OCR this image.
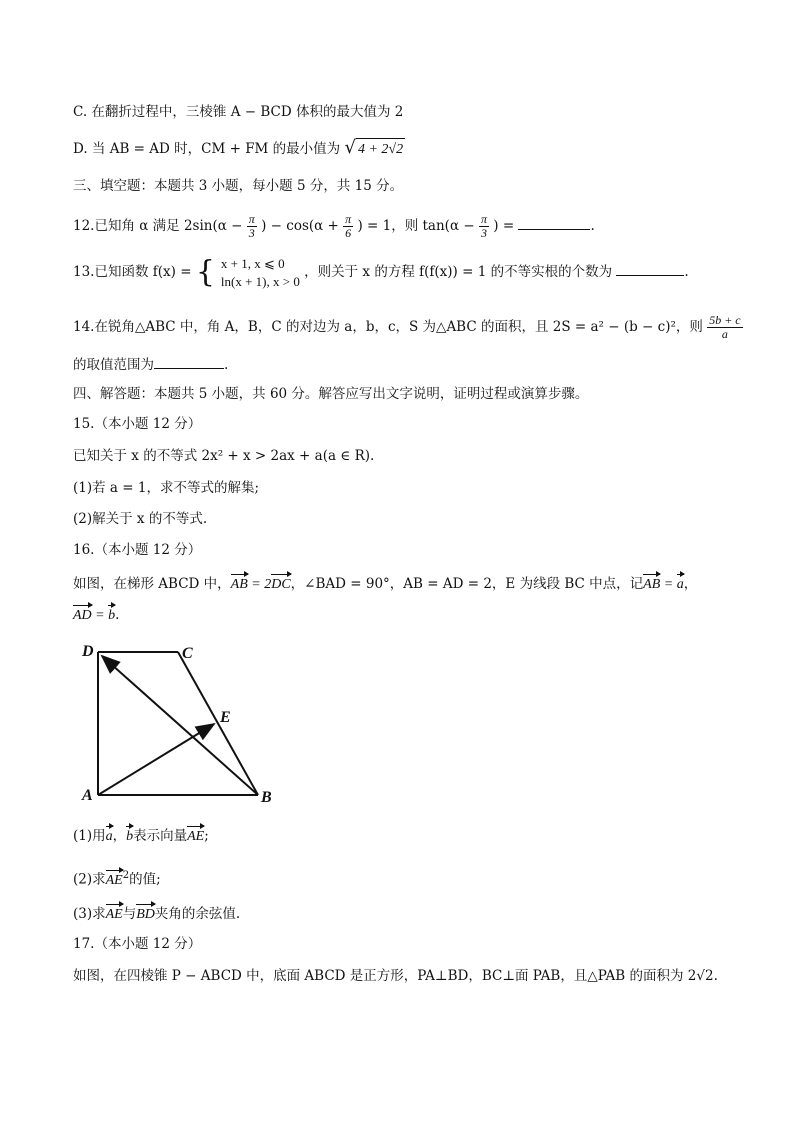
C. 在翻折过程中，三棱锥 A − BCD 体积的最大值为 2
D. 当 AB = AD 时，CM + FM 的最小值为 √ 4 + 2√2
三、填空题：本题共 3 小题，每小题 5 分，共 15 分。
12.已知角 α 满足 $2\sin(\alpha - \frac{\pi}{3}$ ) − $\cos(\alpha + \frac{\pi}{6}$ ) = 1，则 $\tan(\alpha - \frac{\pi}{3}$ ) =	.
13.已知函数 f(x) = { x + 1, x ⩽ 0
ln(x + 1), x > 0
，则关于 x 的方程 f(f(x)) = 1 的不等实根的个数为	.
14.在锐角△ABC 中，角 A，B，C 的对边为 a，b，c，S 为△ABC 的面积，且 2S = a² − (b − c)²，则 $\frac{5b + c}{a}$
的取值范围为	.
四、解答题：本题共 5 小题，共 60 分。解答应写出文字说明，证明过程或演算步骤。
15.（本小题 12 分）
已知关于 x 的不等式 2x² + x > 2ax + a(a ∈ R).
(1)若 a = 1，求不等式的解集;
(2)解关于 x 的不等式.
16.（本小题 12 分）
如图，在梯形 ABCD 中，AB = 2DC，∠BAD = 90°，AB = AD = 2，E 为线段 BC 中点，记AB = a，
AD = b.
D	C
E
A	B
(1)用a，b表示向量AE;
(2)求$AE^2$的值;
(3)求AE与BD夹角的余弦值.
17.（本小题 12 分）
如图，在四棱锥 P − ABCD 中，底面 ABCD 是正方形，PA⊥BD，BC⊥面 PAB，且△PAB 的面积为 2√2.
